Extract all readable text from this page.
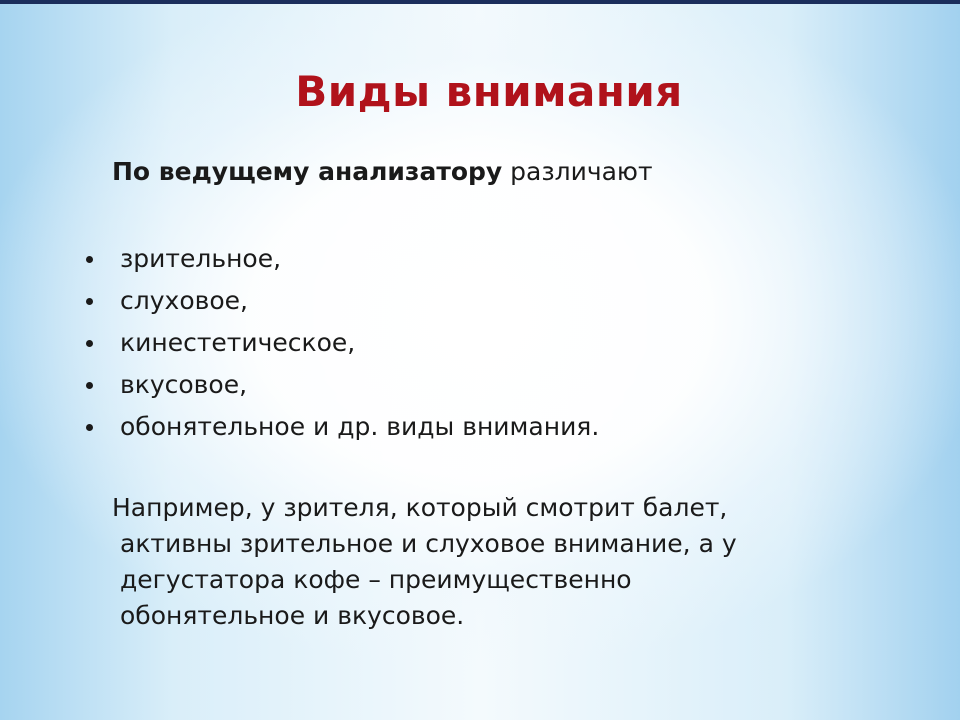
Виды внимания
По ведущему анализатору различают
зрительное,
слуховое,
кинестетическое,
вкусовое,
обонятельное и др. виды внимания.
Например, у зрителя, который смотрит балет,
активны зрительное и слуховое внимание, а у
дегустатора кофе – преимущественно
обонятельное и вкусовое.
